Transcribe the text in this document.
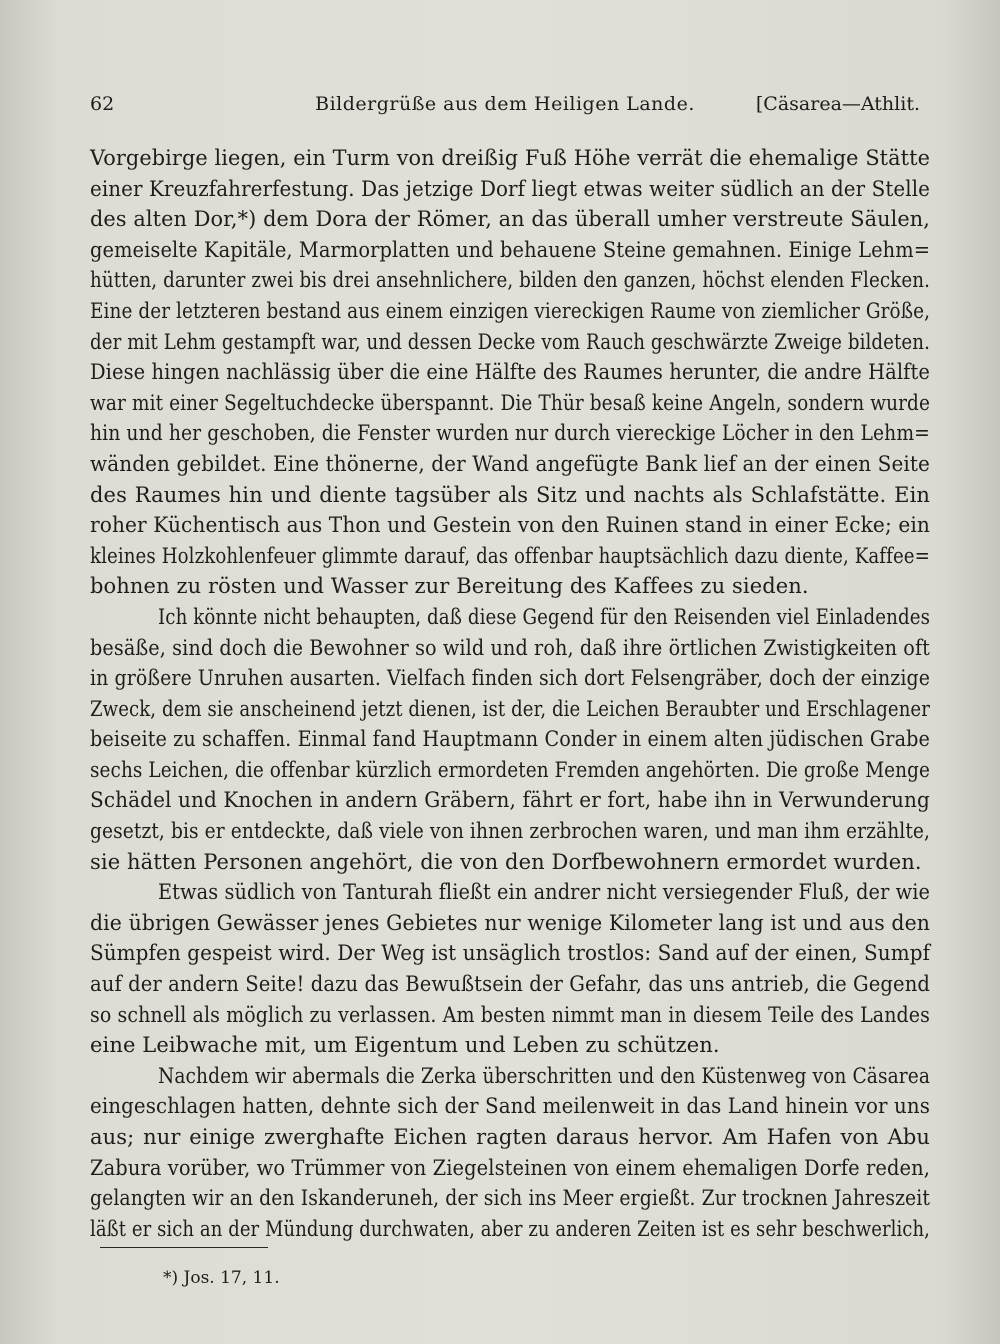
62	Bildergrüße aus dem Heiligen Lande.	[Cäsarea—Athlit.
Vorgebirge liegen, ein Turm von dreißig Fuß Höhe verrät die ehemalige Stätte
einer Kreuzfahrerfestung. Das jetzige Dorf liegt etwas weiter südlich an der Stelle
des alten Dor,*) dem Dora der Römer, an das überall umher verstreute Säulen,
gemeiselte Kapitäle, Marmorplatten und behauene Steine gemahnen. Einige Lehm=
hütten, darunter zwei bis drei ansehnlichere, bilden den ganzen, höchst elenden Flecken.
Eine der letzteren bestand aus einem einzigen viereckigen Raume von ziemlicher Größe,
der mit Lehm gestampft war, und dessen Decke vom Rauch geschwärzte Zweige bildeten.
Diese hingen nachlässig über die eine Hälfte des Raumes herunter, die andre Hälfte
war mit einer Segeltuchdecke überspannt. Die Thür besaß keine Angeln, sondern wurde
hin und her geschoben, die Fenster wurden nur durch viereckige Löcher in den Lehm=
wänden gebildet. Eine thönerne, der Wand angefügte Bank lief an der einen Seite
des Raumes hin und diente tagsüber als Sitz und nachts als Schlafstätte. Ein
roher Küchentisch aus Thon und Gestein von den Ruinen stand in einer Ecke; ein
kleines Holzkohlenfeuer glimmte darauf, das offenbar hauptsächlich dazu diente, Kaffee=
bohnen zu rösten und Wasser zur Bereitung des Kaffees zu sieden.
Ich könnte nicht behaupten, daß diese Gegend für den Reisenden viel Einladendes
besäße, sind doch die Bewohner so wild und roh, daß ihre örtlichen Zwistigkeiten oft
in größere Unruhen ausarten. Vielfach finden sich dort Felsengräber, doch der einzige
Zweck, dem sie anscheinend jetzt dienen, ist der, die Leichen Beraubter und Erschlagener
beiseite zu schaffen. Einmal fand Hauptmann Conder in einem alten jüdischen Grabe
sechs Leichen, die offenbar kürzlich ermordeten Fremden angehörten. Die große Menge
Schädel und Knochen in andern Gräbern, fährt er fort, habe ihn in Verwunderung
gesetzt, bis er entdeckte, daß viele von ihnen zerbrochen waren, und man ihm erzählte,
sie hätten Personen angehört, die von den Dorfbewohnern ermordet wurden.
Etwas südlich von Tanturah fließt ein andrer nicht versiegender Fluß, der wie
die übrigen Gewässer jenes Gebietes nur wenige Kilometer lang ist und aus den
Sümpfen gespeist wird. Der Weg ist unsäglich trostlos: Sand auf der einen, Sumpf
auf der andern Seite! dazu das Bewußtsein der Gefahr, das uns antrieb, die Gegend
so schnell als möglich zu verlassen. Am besten nimmt man in diesem Teile des Landes
eine Leibwache mit, um Eigentum und Leben zu schützen.
Nachdem wir abermals die Zerka überschritten und den Küstenweg von Cäsarea
eingeschlagen hatten, dehnte sich der Sand meilenweit in das Land hinein vor uns
aus; nur einige zwerghafte Eichen ragten daraus hervor. Am Hafen von Abu
Zabura vorüber, wo Trümmer von Ziegelsteinen von einem ehemaligen Dorfe reden,
gelangten wir an den Iskanderuneh, der sich ins Meer ergießt. Zur trocknen Jahreszeit
läßt er sich an der Mündung durchwaten, aber zu anderen Zeiten ist es sehr beschwerlich,
*) Jos. 17, 11.
